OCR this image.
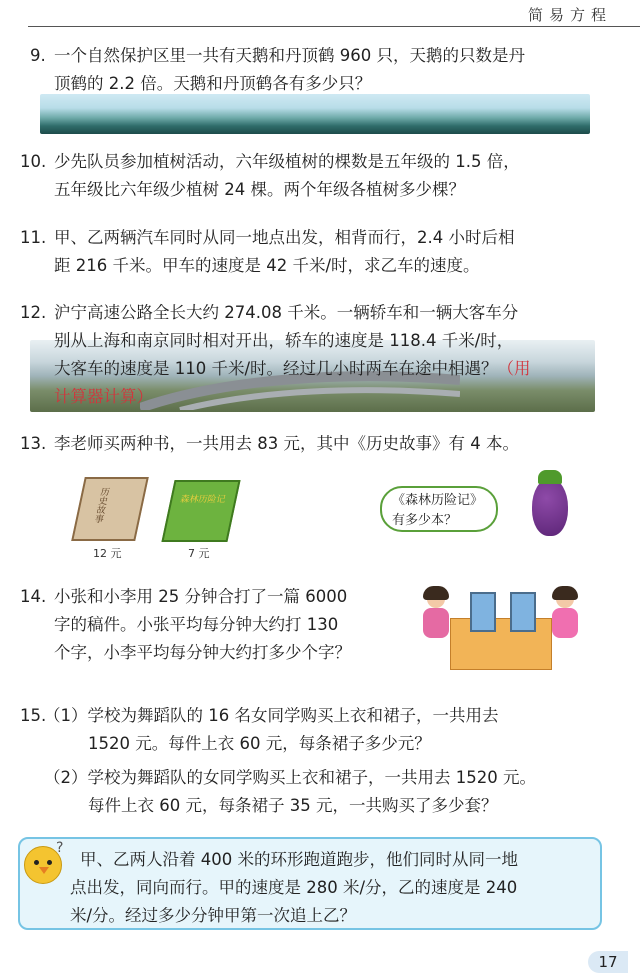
简易方程
9. 一个自然保护区里一共有天鹅和丹顶鹤 960 只，天鹅的只数是丹
顶鹤的 2.2 倍。天鹅和丹顶鹤各有多少只？
10. 少先队员参加植树活动，六年级植树的棵数是五年级的 1.5 倍，
五年级比六年级少植树 24 棵。两个年级各植树多少棵？
11. 甲、乙两辆汽车同时从同一地点出发，相背而行，2.4 小时后相
距 216 千米。甲车的速度是 42 千米/时，求乙车的速度。
12. 沪宁高速公路全长大约 274.08 千米。一辆轿车和一辆大客车分
别从上海和南京同时相对开出，轿车的速度是 118.4 千米/时，
大客车的速度是 110 千米/时。经过几小时两车在途中相遇？（用
计算器计算）
13. 李老师买两种书，一共用去 83 元，其中《历史故事》有 4 本。
历史故事
12 元
森林历险记
7 元
《森林历险记》
有多少本？
14. 小张和小李用 25 分钟合打了一篇 6000
字的稿件。小张平均每分钟大约打 130
个字，小李平均每分钟大约打多少个字？
15.
（1）学校为舞蹈队的 16 名女同学购买上衣和裙子，一共用去
1520 元。每件上衣 60 元，每条裙子多少元？
（2）学校为舞蹈队的女同学购买上衣和裙子，一共用去 1520 元。
每件上衣 60 元，每条裙子 35 元，一共购买了多少套？
?
甲、乙两人沿着 400 米的环形跑道跑步，他们同时从同一地
点出发，同向而行。甲的速度是 280 米/分，乙的速度是 240
米/分。经过多少分钟甲第一次追上乙？
17
